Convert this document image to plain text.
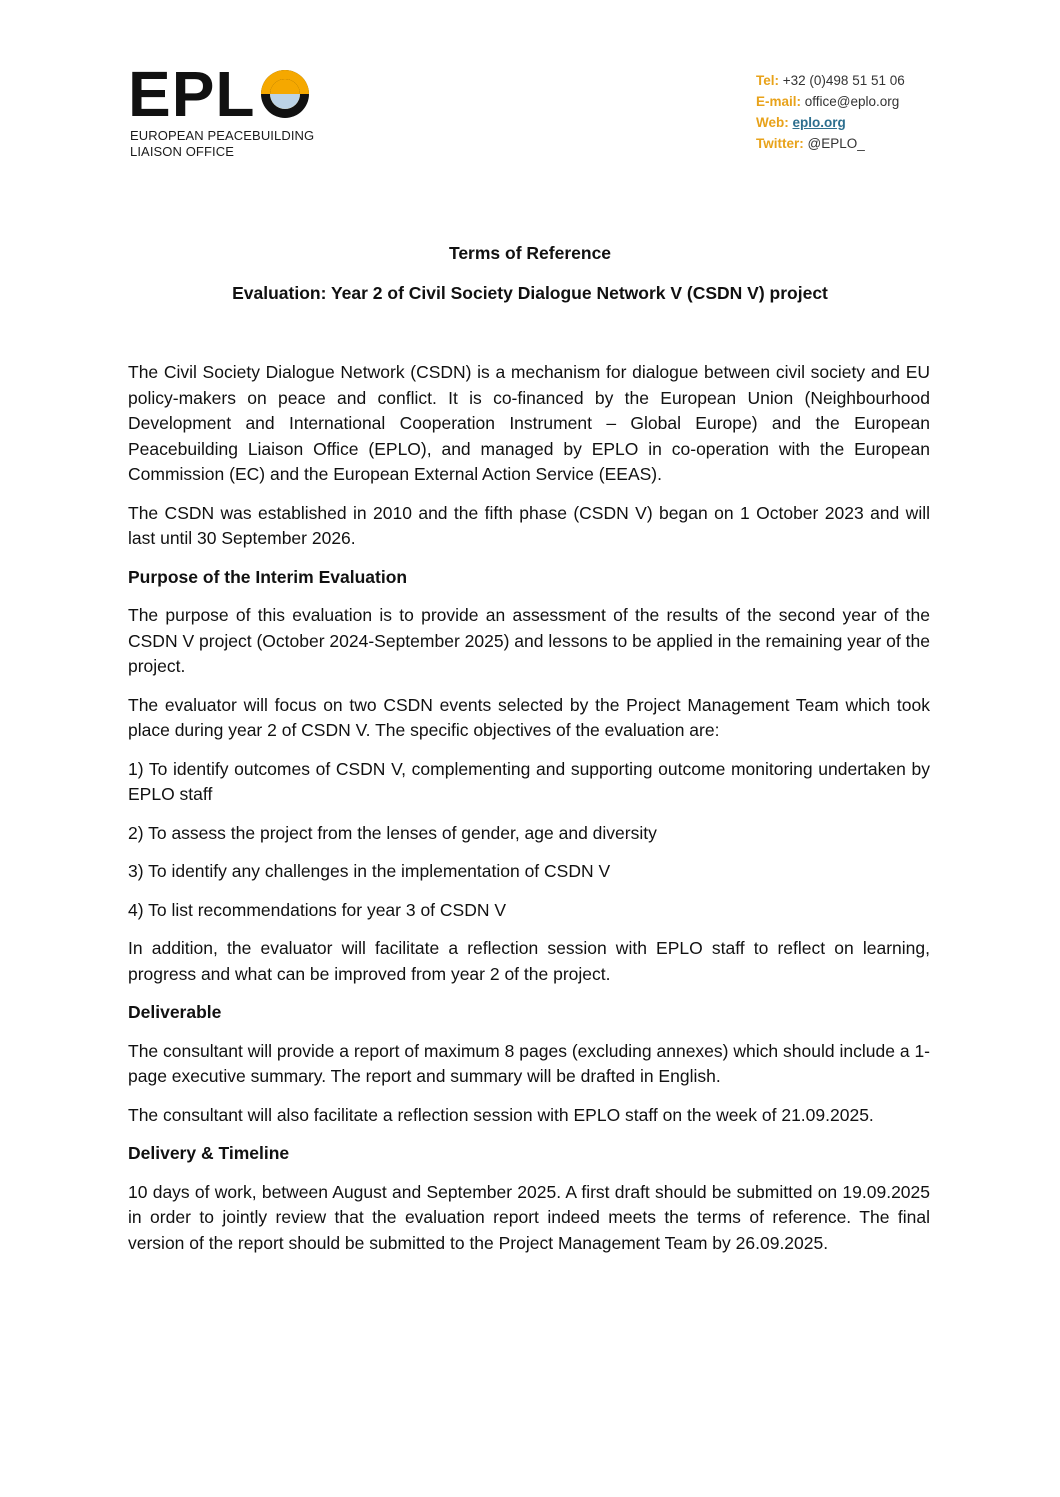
EPL
EUROPEAN PEACEBUILDING
LIAISON OFFICE
Tel: +32 (0)498 51 51 06
E-mail: office@eplo.org
Web: eplo.org
Twitter: @EPLO_
Terms of Reference
Evaluation: Year 2 of Civil Society Dialogue Network V (CSDN V) project

The Civil Society Dialogue Network (CSDN) is a mechanism for dialogue between civil society and EU policy-makers on peace and conflict. It is co-financed by the European Union (Neighbourhood Development and International Cooperation Instrument – Global Europe) and the European Peacebuilding Liaison Office (EPLO), and managed by EPLO in co-operation with the European Commission (EC) and the European External Action Service (EEAS).

The CSDN was established in 2010 and the fifth phase (CSDN V) began on 1 October 2023 and will last until 30 September 2026.

Purpose of the Interim Evaluation

The purpose of this evaluation is to provide an assessment of the results of the second year of the CSDN V project (October 2024-September 2025) and lessons to be applied in the remaining year of the project.

The evaluator will focus on two CSDN events selected by the Project Management Team which took place during year 2 of CSDN V. The specific objectives of the evaluation are:

1) To identify outcomes of CSDN V, complementing and supporting outcome monitoring undertaken by EPLO staff

2) To assess the project from the lenses of gender, age and diversity

3) To identify any challenges in the implementation of CSDN V

4) To list recommendations for year 3 of CSDN V

In addition, the evaluator will facilitate a reflection session with EPLO staff to reflect on learning, progress and what can be improved from year 2 of the project.

Deliverable

The consultant will provide a report of maximum 8 pages (excluding annexes) which should include a 1- page executive summary. The report and summary will be drafted in English.

The consultant will also facilitate a reflection session with EPLO staff on the week of 21.09.2025.

Delivery & Timeline

10 days of work, between August and September 2025. A first draft should be submitted on 19.09.2025 in order to jointly review that the evaluation report indeed meets the terms of reference. The final version of the report should be submitted to the Project Management Team by 26.09.2025.
